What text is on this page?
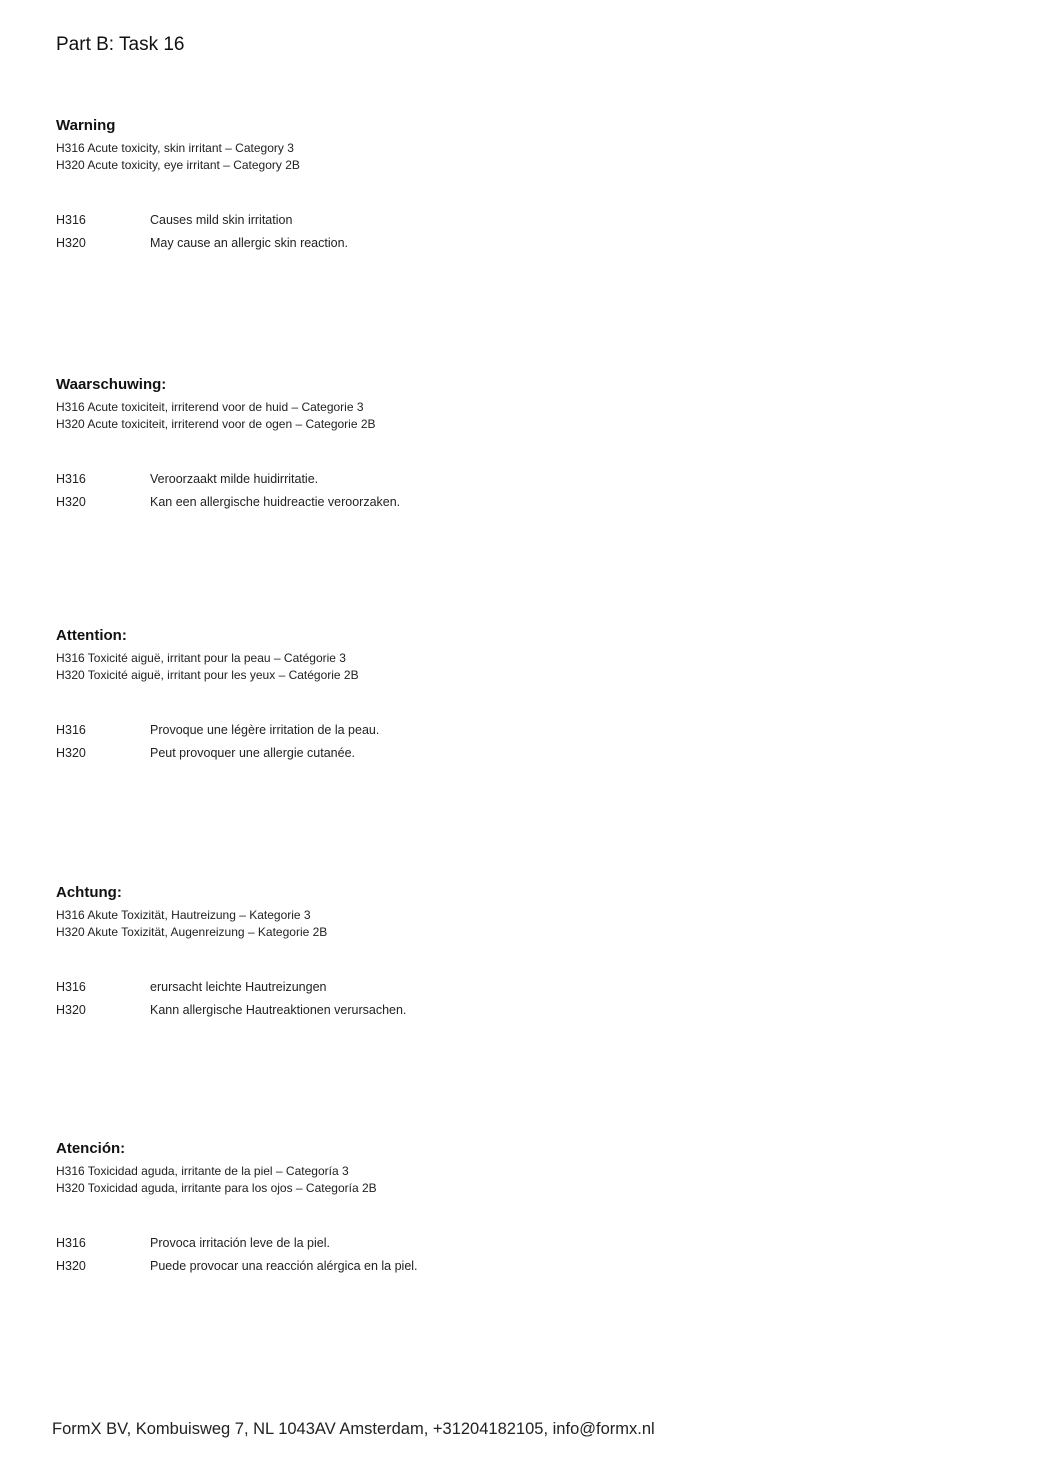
Part B: Task 16
Warning
H316 Acute toxicity, skin irritant – Category 3
H320 Acute toxicity, eye irritant – Category 2B
H316	Causes mild skin irritation
H320	May cause an allergic skin reaction.
Waarschuwing:
H316 Acute toxiciteit, irriterend voor de huid – Categorie 3
H320 Acute toxiciteit, irriterend voor de ogen – Categorie 2B
H316	Veroorzaakt milde huidirritatie.
H320	Kan een allergische huidreactie veroorzaken.
Attention:
H316 Toxicité aiguë, irritant pour la peau – Catégorie 3
H320 Toxicité aiguë, irritant pour les yeux – Catégorie 2B
H316	Provoque une légère irritation de la peau.
H320	Peut provoquer une allergie cutanée.
Achtung:
H316 Akute Toxizität, Hautreizung – Kategorie 3
H320 Akute Toxizität, Augenreizung – Kategorie 2B
H316	erursacht leichte Hautreizungen
H320	Kann allergische Hautreaktionen verursachen.
Atención:
H316 Toxicidad aguda, irritante de la piel – Categoría 3
H320 Toxicidad aguda, irritante para los ojos – Categoría 2B
H316	Provoca irritación leve de la piel.
H320	Puede provocar una reacción alérgica en la piel.
FormX BV, Kombuisweg 7, NL 1043AV Amsterdam, +31204182105, info@formx.nl
